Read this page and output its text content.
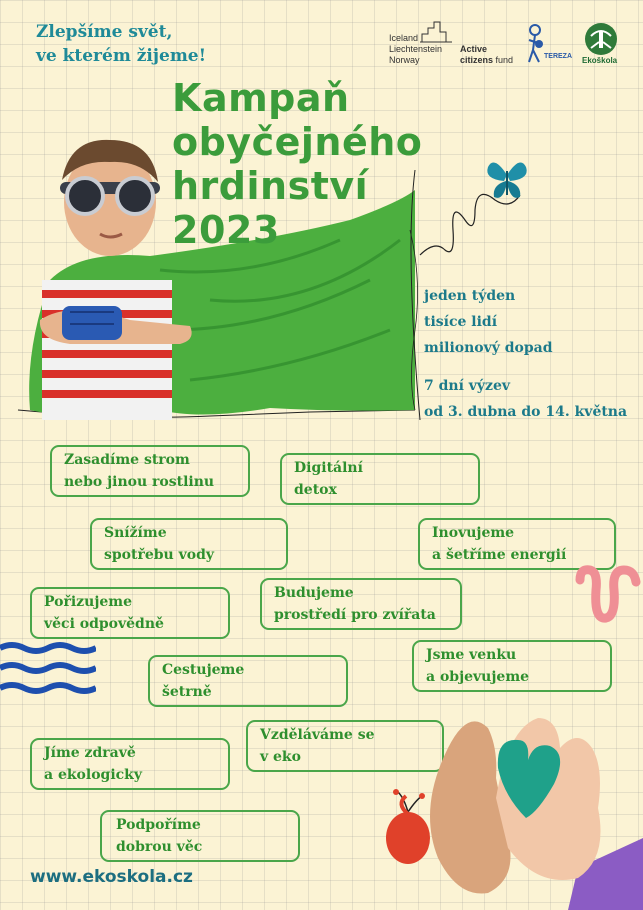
Zlepšíme svět,
ve kterém žijeme!
Iceland
Liechtenstein
Norway
Active
citizens fund	TEREZA Ekoškola
Kampaň
obyčejného
hrdinství
2023
jeden týden
tisíce lidí
milionový dopad
7 dní výzev
od 3. dubna do 14. května
Zasadíme strom
nebo jinou rostlinu
Digitální
detox
Snížíme
spotřebu vody
Inovujeme
a šetříme energií
Pořizujeme
věci odpovědně
Budujeme
prostředí pro zvířata
Jsme venku
a objevujeme
Cestujeme
šetrně
Vzděláváme se
v eko
Jíme zdravě
a ekologicky
Podpoříme
dobrou věc
www.ekoskola.cz
